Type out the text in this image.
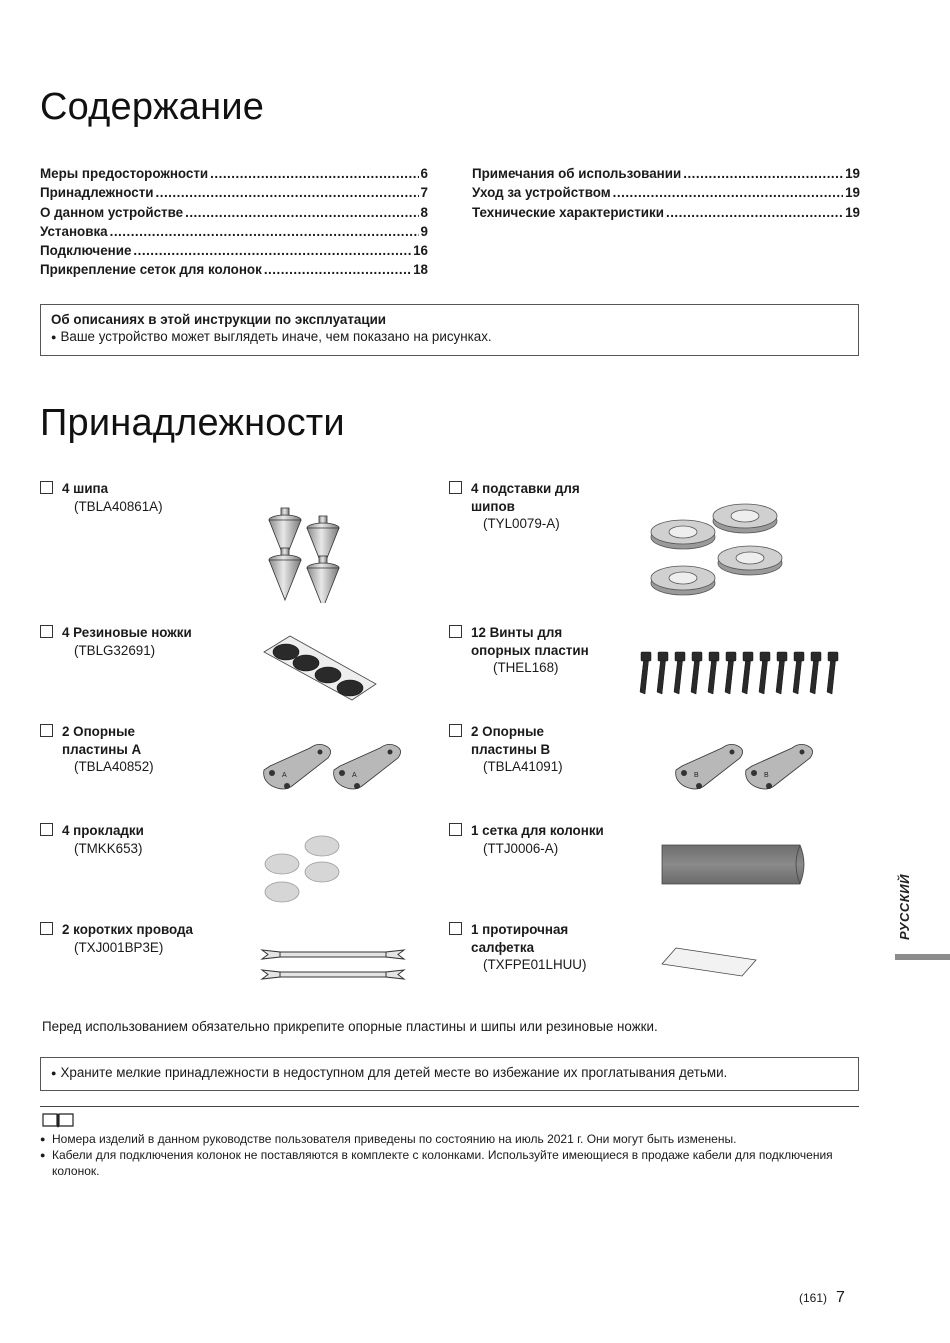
Содержание
Меры предосторожности .....	6
Принадлежности .....	7
О данном устройстве .....	8
Установка .....	9
Подключение .....	16
Прикрепление сеток для колонок .....	18
Примечания об использовании .....	19
Уход за устройством .....	19
Технические характеристики .....	19
Об описаниях в этой инструкции по эксплуатации
● Ваше устройство может выглядеть иначе, чем показано на рисунках.
Принадлежности
4 шипа
(TBLA40861A)
4 подставки для
шипов
(TYL0079-A)
4 Резиновые ножки
(TBLG32691)
12 Винты для
опорных пластин
(THEL168)
2 Опорные
пластины A
(TBLA40852)
2 Опорные
пластины B
(TBLA41091)
4 прокладки
(TMKK653)
1 сетка для колонки
(TTJ0006-A)
2 коротких провода
(TXJ001BP3E)
1 протирочная
салфетка
(TXFPE01LHUU)
A	A	B	B
Перед использованием обязательно прикрепите опорные пластины и шипы или резиновые ножки.
● Храните мелкие принадлежности в недоступном для детей месте во избежание их проглатывания детьми.
● Номера изделий в данном руководстве пользователя приведены по состоянию на июль 2021 г. Они могут быть изменены.
● Кабели для подключения колонок не поставляются в комплекте с колонками. Используйте имеющиеся в продаже кабели для подключения колонок.
РУССКИЙ
(161) 7
